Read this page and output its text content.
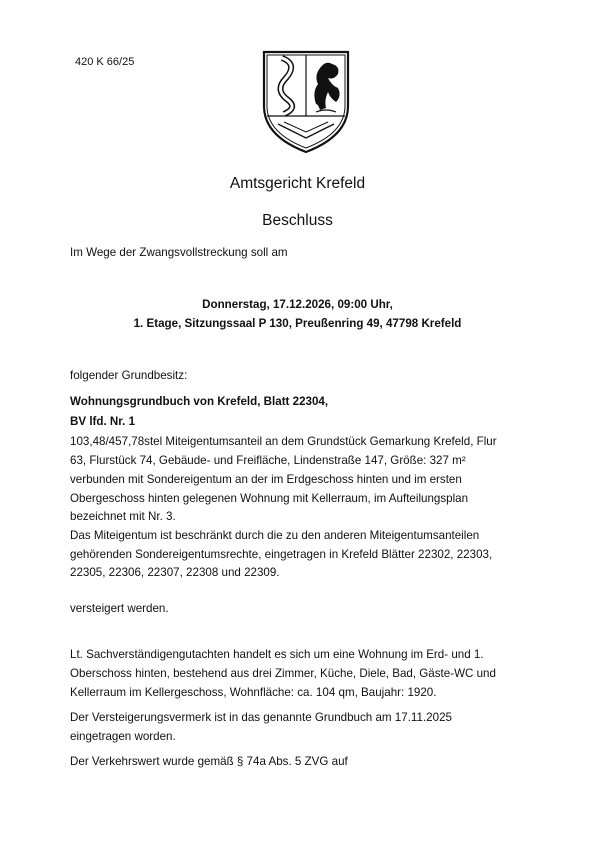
420 K 66/25
Amtsgericht Krefeld
Beschluss
Im Wege der Zwangsvollstreckung soll am
Donnerstag, 17.12.2026, 09:00 Uhr,
1. Etage, Sitzungssaal P 130, Preußenring 49, 47798 Krefeld
folgender Grundbesitz:
Wohnungsgrundbuch von Krefeld, Blatt 22304,
BV lfd. Nr. 1
103,48/457,78stel Miteigentumsanteil an dem Grundstück Gemarkung Krefeld, Flur
63, Flurstück 74, Gebäude- und Freifläche, Lindenstraße 147, Größe: 327 m²
verbunden mit Sondereigentum an der im Erdgeschoss hinten und im ersten
Obergeschoss hinten gelegenen Wohnung mit Kellerraum, im Aufteilungsplan
bezeichnet mit Nr. 3.
Das Miteigentum ist beschränkt durch die zu den anderen Miteigentumsanteilen
gehörenden Sondereigentumsrechte, eingetragen in Krefeld Blätter 22302, 22303,
22305, 22306, 22307, 22308 und 22309.
versteigert werden.
Lt. Sachverständigengutachten handelt es sich um eine Wohnung im Erd- und 1.
Oberschoss hinten, bestehend aus drei Zimmer, Küche, Diele, Bad, Gäste-WC und
Kellerraum im Kellergeschoss, Wohnfläche: ca. 104 qm, Baujahr: 1920.
Der Versteigerungsvermerk ist in das genannte Grundbuch am 17.11.2025
eingetragen worden.
Der Verkehrswert wurde gemäß § 74a Abs. 5 ZVG auf
